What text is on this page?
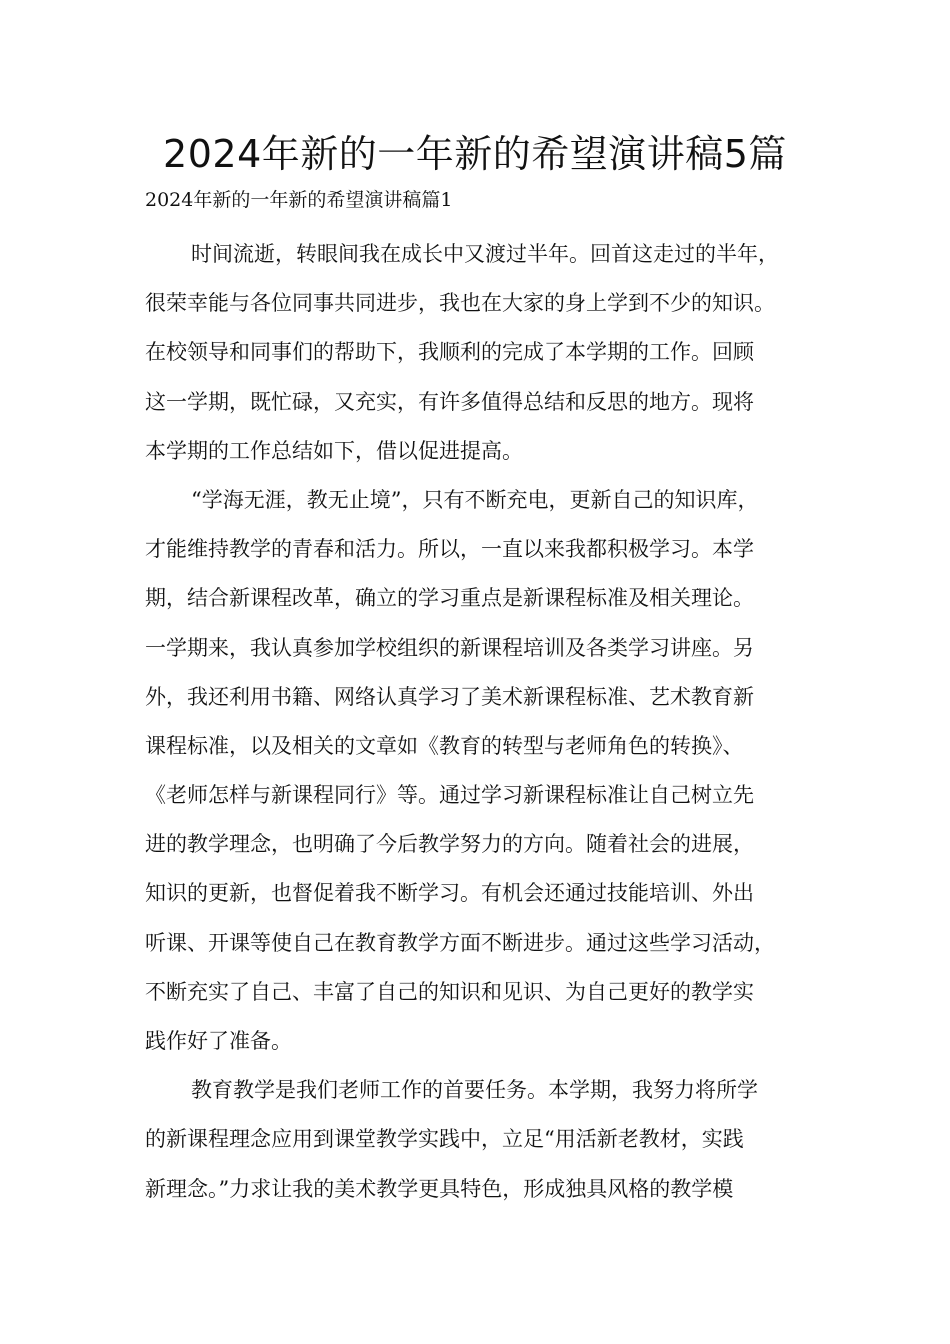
2024年新的一年新的希望演讲稿5篇

2024年新的一年新的希望演讲稿篇1

时间流逝，转眼间我在成长中又渡过半年。回首这走过的半年，
很荣幸能与各位同事共同进步，我也在大家的身上学到不少的知识。
在校领导和同事们的帮助下，我顺利的完成了本学期的工作。回顾
这一学期，既忙碌，又充实，有许多值得总结和反思的地方。现将
本学期的工作总结如下，借以促进提高。
“学海无涯，教无止境”，只有不断充电，更新自己的知识库，
才能维持教学的青春和活力。所以，一直以来我都积极学习。本学
期，结合新课程改革，确立的学习重点是新课程标准及相关理论。
一学期来，我认真参加学校组织的新课程培训及各类学习讲座。另
外，我还利用书籍、网络认真学习了美术新课程标准、艺术教育新
课程标准，以及相关的文章如《教育的转型与老师角色的转换》、
《老师怎样与新课程同行》等。通过学习新课程标准让自己树立先
进的教学理念，也明确了今后教学努力的方向。随着社会的进展，
知识的更新，也督促着我不断学习。有机会还通过技能培训、外出
听课、开课等使自己在教育教学方面不断进步。通过这些学习活动，
不断充实了自己、丰富了自己的知识和见识、为自己更好的教学实
践作好了准备。
教育教学是我们老师工作的首要任务。本学期，我努力将所学
的新课程理念应用到课堂教学实践中，立足“用活新老教材，实践
新理念。”力求让我的美术教学更具特色，形成独具风格的教学模
